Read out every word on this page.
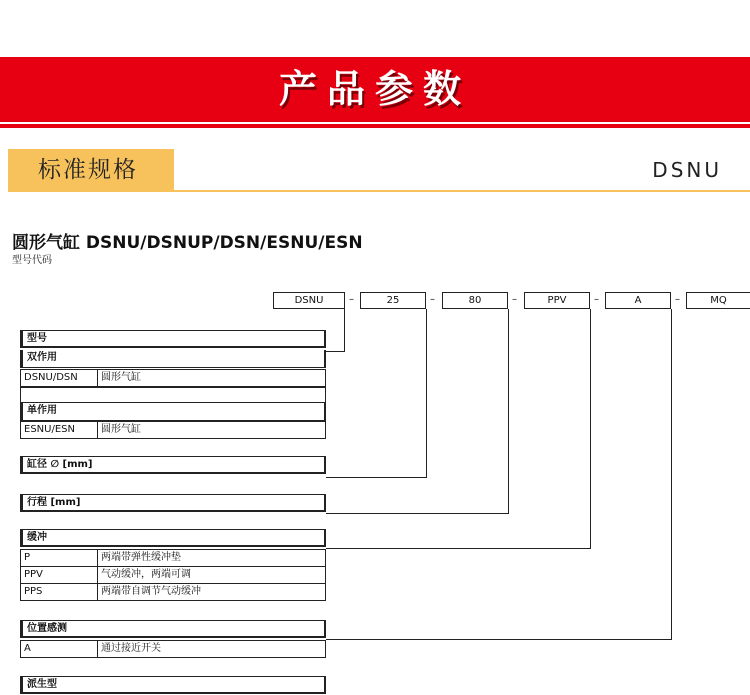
产品参数
标准规格	DSNU
圆形气缸 DSNU/DSNUP/DSN/ESNU/ESN
型号代码
DSNU	–	25	–	80	–	PPV	–	A	–	MQ
型号
双作用
DSNU/DSN	圆形气缸
单作用
ESNU/ESN	圆形气缸
缸径 ∅ [mm]
行程 [mm]
缓冲
P	两端带弹性缓冲垫
PPV	气动缓冲，两端可调
PPS	两端带自调节气动缓冲
位置感测
A	通过接近开关
派生型
